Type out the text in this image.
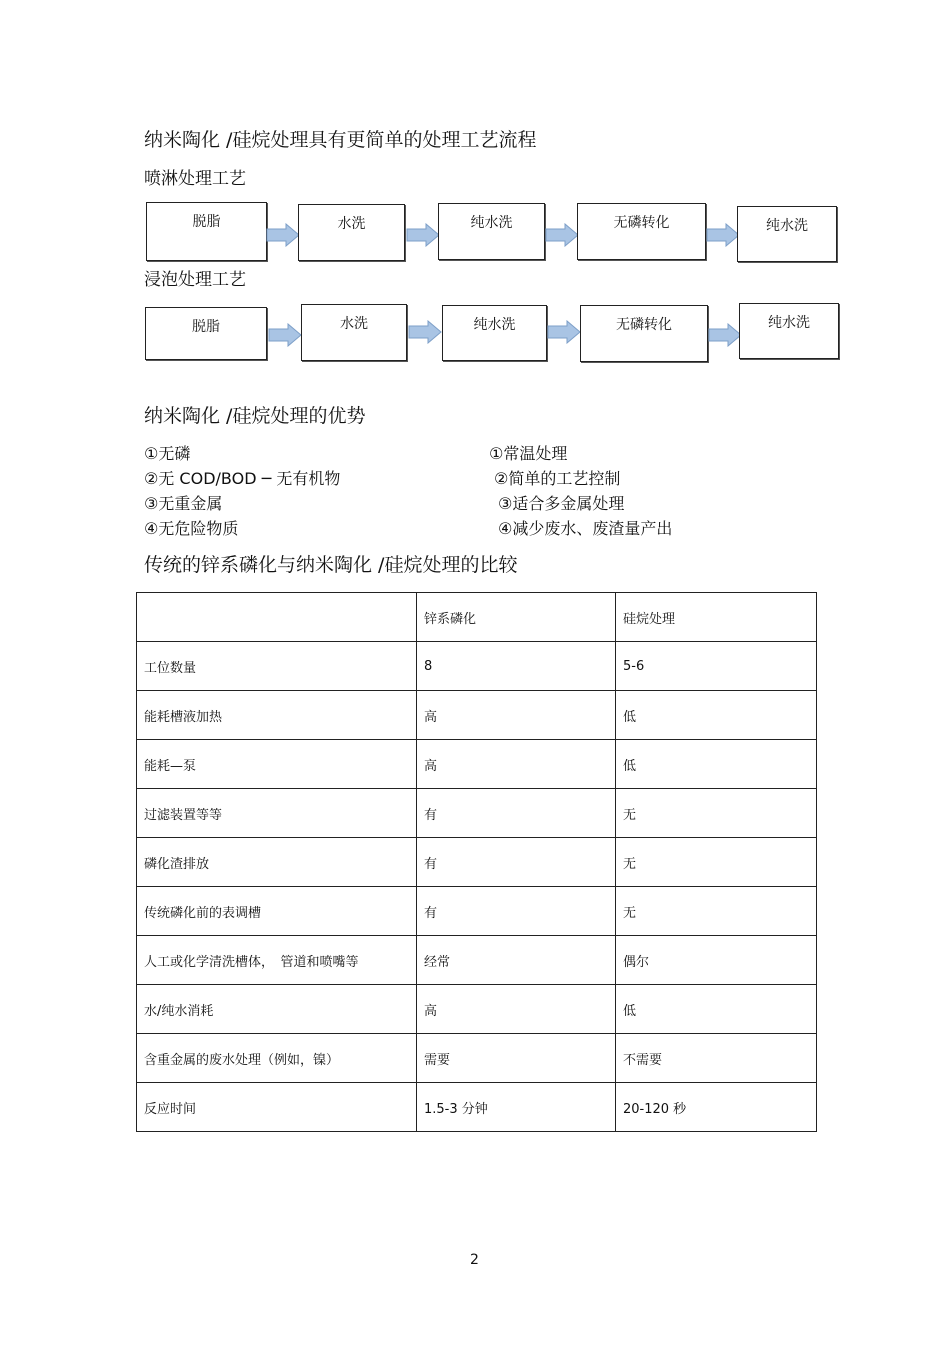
纳米陶化 /硅烷处理具有更简单的处理工艺流程
喷淋处理工艺
脱脂	水洗	纯水洗	无磷转化	纯水洗
浸泡处理工艺
脱脂	水洗	纯水洗	无磷转化	纯水洗
纳米陶化 /硅烷处理的优势
①无磷
②无 COD/BOD ─ 无有机物
③无重金属
④无危险物质
①常温处理
②简单的工艺控制
③适合多金属处理
④减少废水、废渣量产出
传统的锌系磷化与纳米陶化 /硅烷处理的比较
	锌系磷化	硅烷处理
工位数量	8	5-6
能耗槽液加热	高	低
能耗—泵	高	低
过滤装置等等	有	无
磷化渣排放	有	无
传统磷化前的表调槽	有	无
人工或化学清洗槽体，　管道和喷嘴等	经常	偶尔
水/纯水消耗	高	低
含重金属的废水处理（例如，镍）	需要	不需要
反应时间	1.5-3 分钟	20-120 秒
2
